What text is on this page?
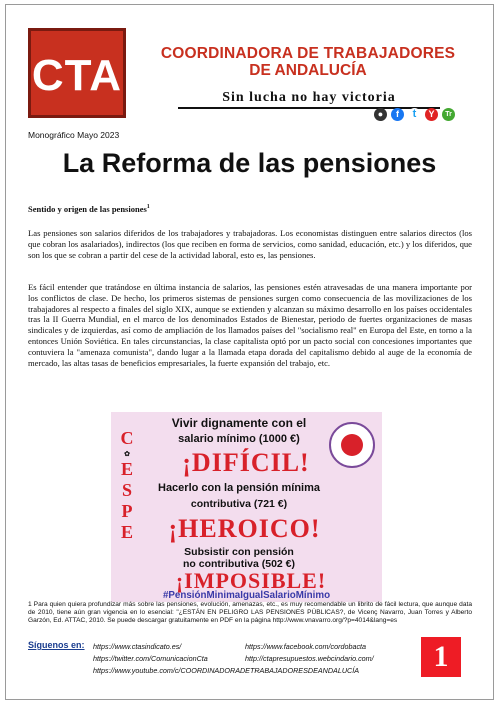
CTA	COORDINADORA DE TRABAJADORES
DE ANDALUCÍA
Sin lucha no hay victoria
●	f	t	Y	Tr
Monográfico Mayo 2023
La Reforma de las pensiones
Sentido y origen de las pensiones$^1$

Las pensiones son salarios diferidos de los trabajadores y trabajadoras. Los economistas distinguen entre salarios directos (los que cobran los asalariados), indirectos (los que reciben en forma de servicios, como sanidad, educación, etc.) y los diferidos, que son los que se cobran a partir del cese de la actividad laboral, esto es, las pensiones.

Es fácil entender que tratándose en última instancia de salarios, las pensiones estén atravesadas de una manera importante por los conflictos de clase. De hecho, los primeros sistemas de pensiones surgen como consecuencia de las movilizaciones de los trabajadores al respecto a finales del siglo XIX, aunque se extienden y alcanzan su máximo desarrollo en los países occidentales tras la II Guerra Mundial, en el marco de los denominados Estados de Bienestar, periodo de fuertes organizaciones de masas sindicales y de izquierdas, así como de ampliación de los llamados países del "socialismo real" en Europa del Este, en torno a la entonces Unión Soviética. En tales circunstancias, la clase capitalista optó por un pacto social con concesiones importantes que contuviera la "amenaza comunista", dando lugar a la llamada etapa dorada del capitalismo debido al auge de la economía de mercado, las altas tasas de beneficios empresariales, la fuerte expansión del trabajo, etc.

C
✿
E
S
P
E
Vivir dignamente con el
salario mínimo (1000 €)
¡DIFÍCIL!
Hacerlo con la pensión mínima
contributiva (721 €)
¡HEROICO!
Subsistir con pensión
no contributiva (502 €)
¡IMPOSIBLE!
#PensiónMinimaIgualSalarioMínimo
1 Para quien quiera profundizar más sobre las pensiones, evolución, amenazas, etc., es muy recomendable un librito de fácil lectura, que aunque data de 2010, tiene aún gran vigencia en lo esencial: "¿ESTÁN EN PELIGRO LAS PENSIONES PÚBLICAS?, de Vicenç Navarro, Juan Torres y Alberto Garzón, Ed. ATTAC, 2010. Se puede descargar gratuitamente en PDF en la página http://www.vnavarro.org/?p=4014&lang=es
Síguenos en: https://www.ctasindicato.es/
https://twitter.com/ComunicacionCta
https://www.youtube.com/c/COORDINADORADETRABAJADORESDEANDALUCÍA
https://www.facebook.com/cordobacta
http://ctapresupuestos.webcindario.com/	1
